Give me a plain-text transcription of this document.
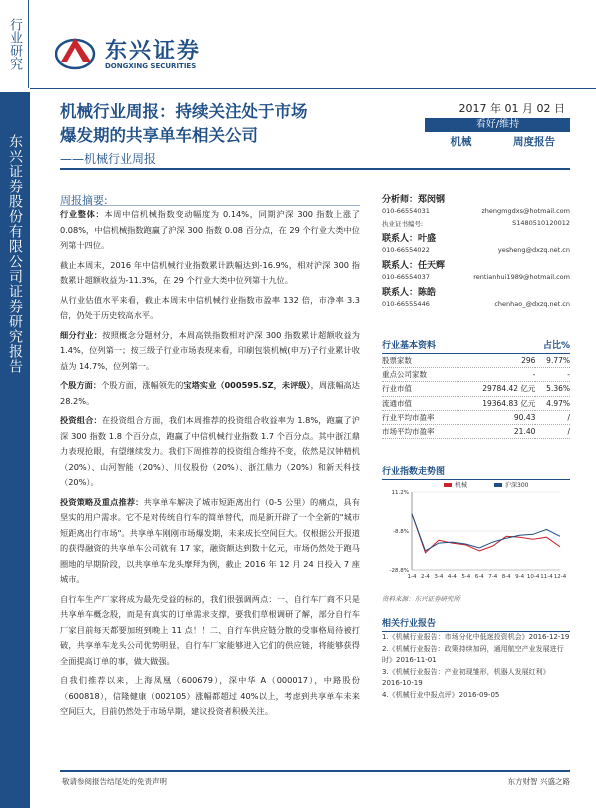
行业研究
东兴证券股份有限公司证券研究报告
东兴证券
DONGXING SECURITIES
机械行业周报：持续关注处于市场
爆发期的共享单车相关公司
——机械行业周报
2017 年 01 月 02 日
看好/维持
机械	周度报告
周报摘要:

行业整体：本周中信机械指数变动幅度为 0.14%，同期沪深 300 指数上涨了 0.08%，中信机械指数跑赢了沪深 300 指数 0.08 百分点，在 29 个行业大类中位列第十四位。

截止本周末，2016 年中信机械行业指数累计跌幅达到-16.9%，相对沪深 300 指数累计超额收益为-11.3%，在 29 个行业大类中位列第十九位。

从行业估值水平来看，截止本周末中信机械行业指数市盈率 132 倍，市净率 3.3 倍，仍处于历史较高水平。

细分行业：按照概念分题材分，本周高铁指数相对沪深 300 指数累计超额收益为 1.4%，位列第一；按三级子行业市场表现来看，印刷包装机械(申万)子行业累计收益为 14.7%，位列第一。

个股方面：个股方面，涨幅领先的宝塔实业（000595.SZ，未评级），周涨幅高达 28.2%。

投资组合：在投资组合方面，我们本周推荐的投资组合收益率为 1.8%，跑赢了沪深 300 指数 1.8 个百分点，跑赢了中信机械行业指数 1.7 个百分点。其中浙江鼎力表现抢眼，有望继续发力。我们下周推荐的投资组合维持不变，依然是汉钟精机（20%）、山河智能（20%）、川仪股份（20%）、浙江鼎力（20%）和新天科技（20%）。

投资策略及重点推荐：共享单车解决了城市短距离出行（0-5 公里）的痛点，具有坚实的用户需求。它不是对传统自行车的简单替代，而是新开辟了一个全新的"城市短距离出行市场"。共享单车刚刚市场爆发期，未来成长空间巨大。仅根据公开报道的获得融资的共享单车公司就有 17 家，融资额达到数十亿元，市场仍然处于跑马圈地的早期阶段，以共享单车龙头摩拜为例，截止 2016 年 12 月 24 日投入 7 座城市。

自行车生产厂家将成为最先受益的标的，我们很强调两点：一、自行车厂商不只是共享单车概念股，而是有真实的订单需求支撑，要我们草根调研了解，部分自行车厂家目前每天都要加班到晚上 11 点！！二、自行车供应链分散的受事格局待被打破，共享单车龙头公司优势明显，自行车厂家能够进入它们的供应链，将能够获得全面提高订单的事，做大做强。

自我们推荐以来，上海凤凰（600679），深中华 A（000017），中路股份（600818），信隆健康（002105）涨幅都超过 40%以上，考虑到共享单车未来空间巨大，目前仍然处于市场早期，建议投资者积极关注。

分析师：郑闵钢

010-66554031	zhengmgdxs@hotmail.com
执业证书编号:	S1480510120012

联系人：叶盛

010-66554022	yesheng@dxzq.net.cn

联系人：任天辉

010-66554037	rentianhui1989@hotmail.com

联系人：陈皓

010-66555446	chenhao_@dxzq.net.cn
行业基本资料	占比%
股票家数	296	9.77%
重点公司家数	-	-
行业市值	29784.42 亿元	5.36%
流通市值	19364.83 亿元	4.97%
行业平均市盈率	90.43	/
市场平均市盈率	21.40	/
行业指数走势图
11.2%
-8.8%
-28.8%
1-4 2-4 3-4 4-4 5-4 6-4 7-4 8-4 9-4 10-4 11-4 12-4
机械	沪深300
资料来源：东兴证券研究所
相关行业报告

1.《机械行业报告：市场分化中低迷投资机会》2016-12-19

2.《机械行业报告：政策持续加码，通用航空产业发展进行时》2016-11-01

3.《机械行业报告：产业初现雏形，机器人发展红利》2016-10-19

4.《机械行业中报点评》2016-09-05

敬请参阅报告结尾处的免责声明	东方财智 兴盛之路
